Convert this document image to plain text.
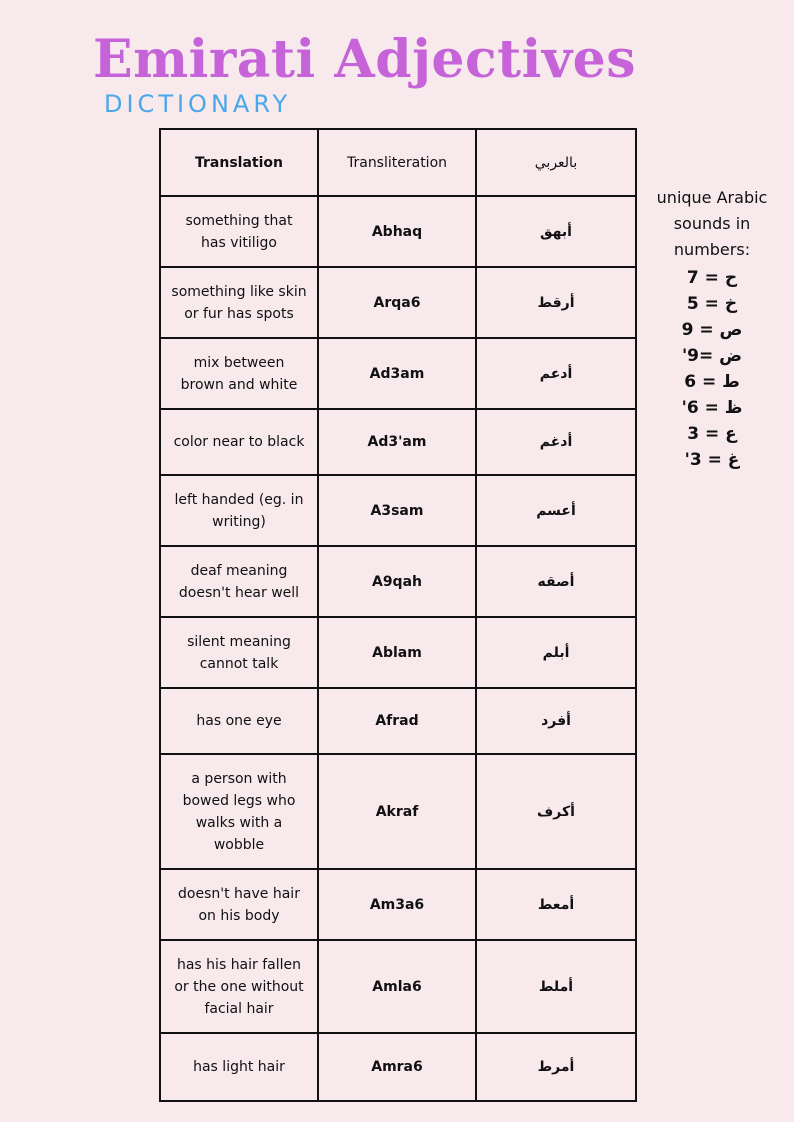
Emirati Adjectives
DICTIONARY
Translation	Transliteration	بالعربي
something that has vitiligo	Abhaq	أبهق
something like skin or fur has spots	Arqa6	أرقط
mix between brown and white	Ad3am	أدعم
color near to black	Ad3'am	أدغم
left handed (eg. in writing)	A3sam	أعسم
deaf meaning doesn't hear well	A9qah	أصقه
silent meaning cannot talk	Ablam	أبلم
has one eye	Afrad	أفرد
a person with bowed legs who walks with a wobble	Akraf	أكرف
doesn't have hair on his body	Am3a6	أمعط
has his hair fallen or the one without facial hair	Amla6	أملط
has light hair	Amra6	أمرط
unique Arabic sounds in numbers:
ح = 7
خ = 5
ص = 9
ض =9'
ط = 6
ظ = 6'
ع = 3
غ = 3'
